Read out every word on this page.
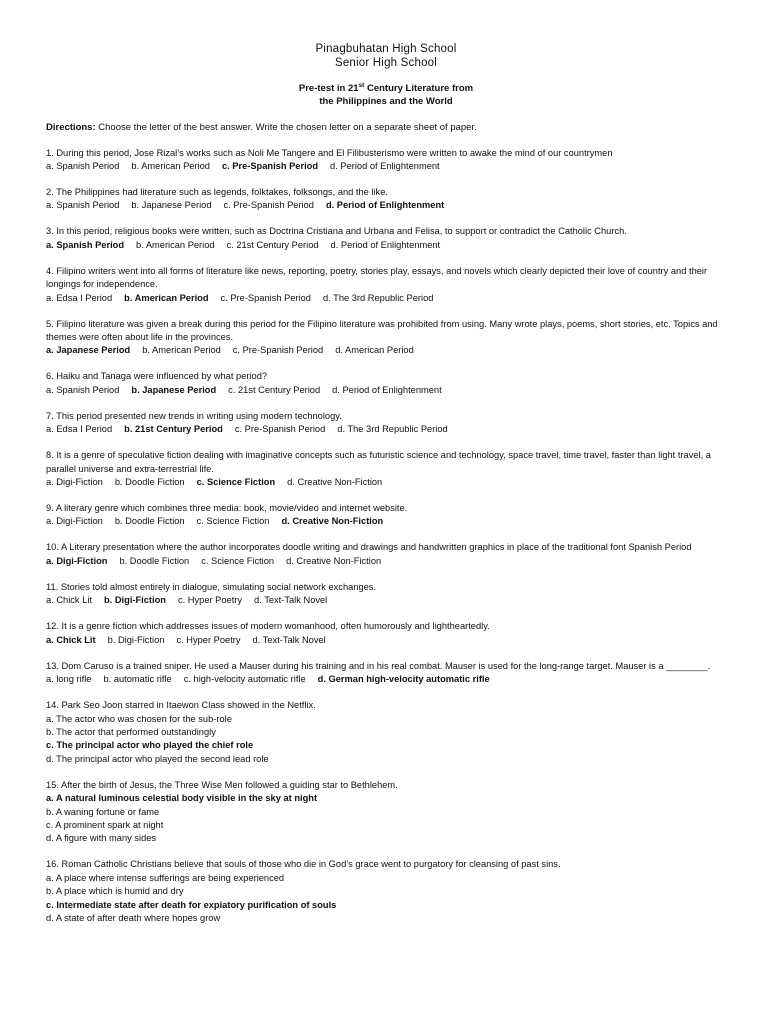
Pinagbuhatan High School
Senior High School
Pre-test in 21st Century Literature from
the Philippines and the World
Directions: Choose the letter of the best answer. Write the chosen letter on a separate sheet of paper.
1. During this period, Jose Rizal’s works such as Noli Me Tangere and El Filibusterismo were written to awake the mind of our countrymen
a. Spanish Period b. American Period c. Pre-Spanish Period d. Period of Enlightenment
2. The Philippines had literature such as legends, folktakes, folksongs, and the like.
a. Spanish Period b. Japanese Period c. Pre-Spanish Period d. Period of Enlightenment
3. In this period, religious books were written, such as Doctrina Cristiana and Urbana and Felisa, to support or contradict the Catholic Church.
a. Spanish Period b. American Period c. 21st Century Period d. Period of Enlightenment
4. Filipino writers went into all forms of literature like news, reporting, poetry, stories play, essays, and novels which clearly depicted their love of country and their longings for independence.
a. Edsa I Period b. American Period c. Pre-Spanish Period d. The 3rd Republic Period
5. Filipino literature was given a break during this period for the Filipino literature was prohibited from using. Many wrote plays, poems, short stories, etc. Topics and themes were often about life in the provinces.
a. Japanese Period b. American Period c. Pre-Spanish Period d. American Period
6. Haiku and Tanaga were influenced by what period?
a. Spanish Period b. Japanese Period c. 21st Century Period d. Period of Enlightenment
7. This period presented new trends in writing using modern technology.
a. Edsa I Period b. 21st Century Period c. Pre-Spanish Period d. The 3rd Republic Period
8. It is a genre of speculative fiction dealing with imaginative concepts such as futuristic science and technology, space travel, time travel, faster than light travel, a parallel universe and extra-terrestrial life.
a. Digi-Fiction b. Doodle Fiction c. Science Fiction d. Creative Non-Fiction
9. A literary genre which combines three media: book, movie/video and internet website.
a. Digi-Fiction b. Doodle Fiction c. Science Fiction d. Creative Non-Fiction
10. A Literary presentation where the author incorporates doodle writing and drawings and handwritten graphics in place of the traditional font Spanish Period
a. Digi-Fiction b. Doodle Fiction c. Science Fiction d. Creative Non-Fiction
11. Stories told almost entirely in dialogue, simulating social network exchanges.
a. Chick Lit b. Digi-Fiction c. Hyper Poetry d. Text-Talk Novel
12. It is a genre fiction which addresses issues of modern womanhood, often humorously and lightheartedly.
a. Chick Lit b. Digi-Fiction c. Hyper Poetry d. Text-Talk Novel
13. Dom Caruso is a trained sniper. He used a Mauser during his training and in his real combat. Mauser is used for the long-range target. Mauser is a ________.
a. long rifle b. automatic rifle c. high-velocity automatic rifle d. German high-velocity automatic rifle
14. Park Seo Joon starred in Itaewon Class showed in the Netflix.
a. The actor who was chosen for the sub-role
b. The actor that performed outstandingly
c. The principal actor who played the chief role
d. The principal actor who played the second lead role
15. After the birth of Jesus, the Three Wise Men followed a guiding star to Bethlehem.
a. A natural luminous celestial body visible in the sky at night
b. A waning fortune or fame
c. A prominent spark at night
d. A figure with many sides
16. Roman Catholic Christians believe that souls of those who die in God’s grace went to purgatory for cleansing of past sins.
a. A place where intense sufferings are being experienced
b. A place which is humid and dry
c. Intermediate state after death for expiatory purification of souls
d. A state of after death where hopes grow
